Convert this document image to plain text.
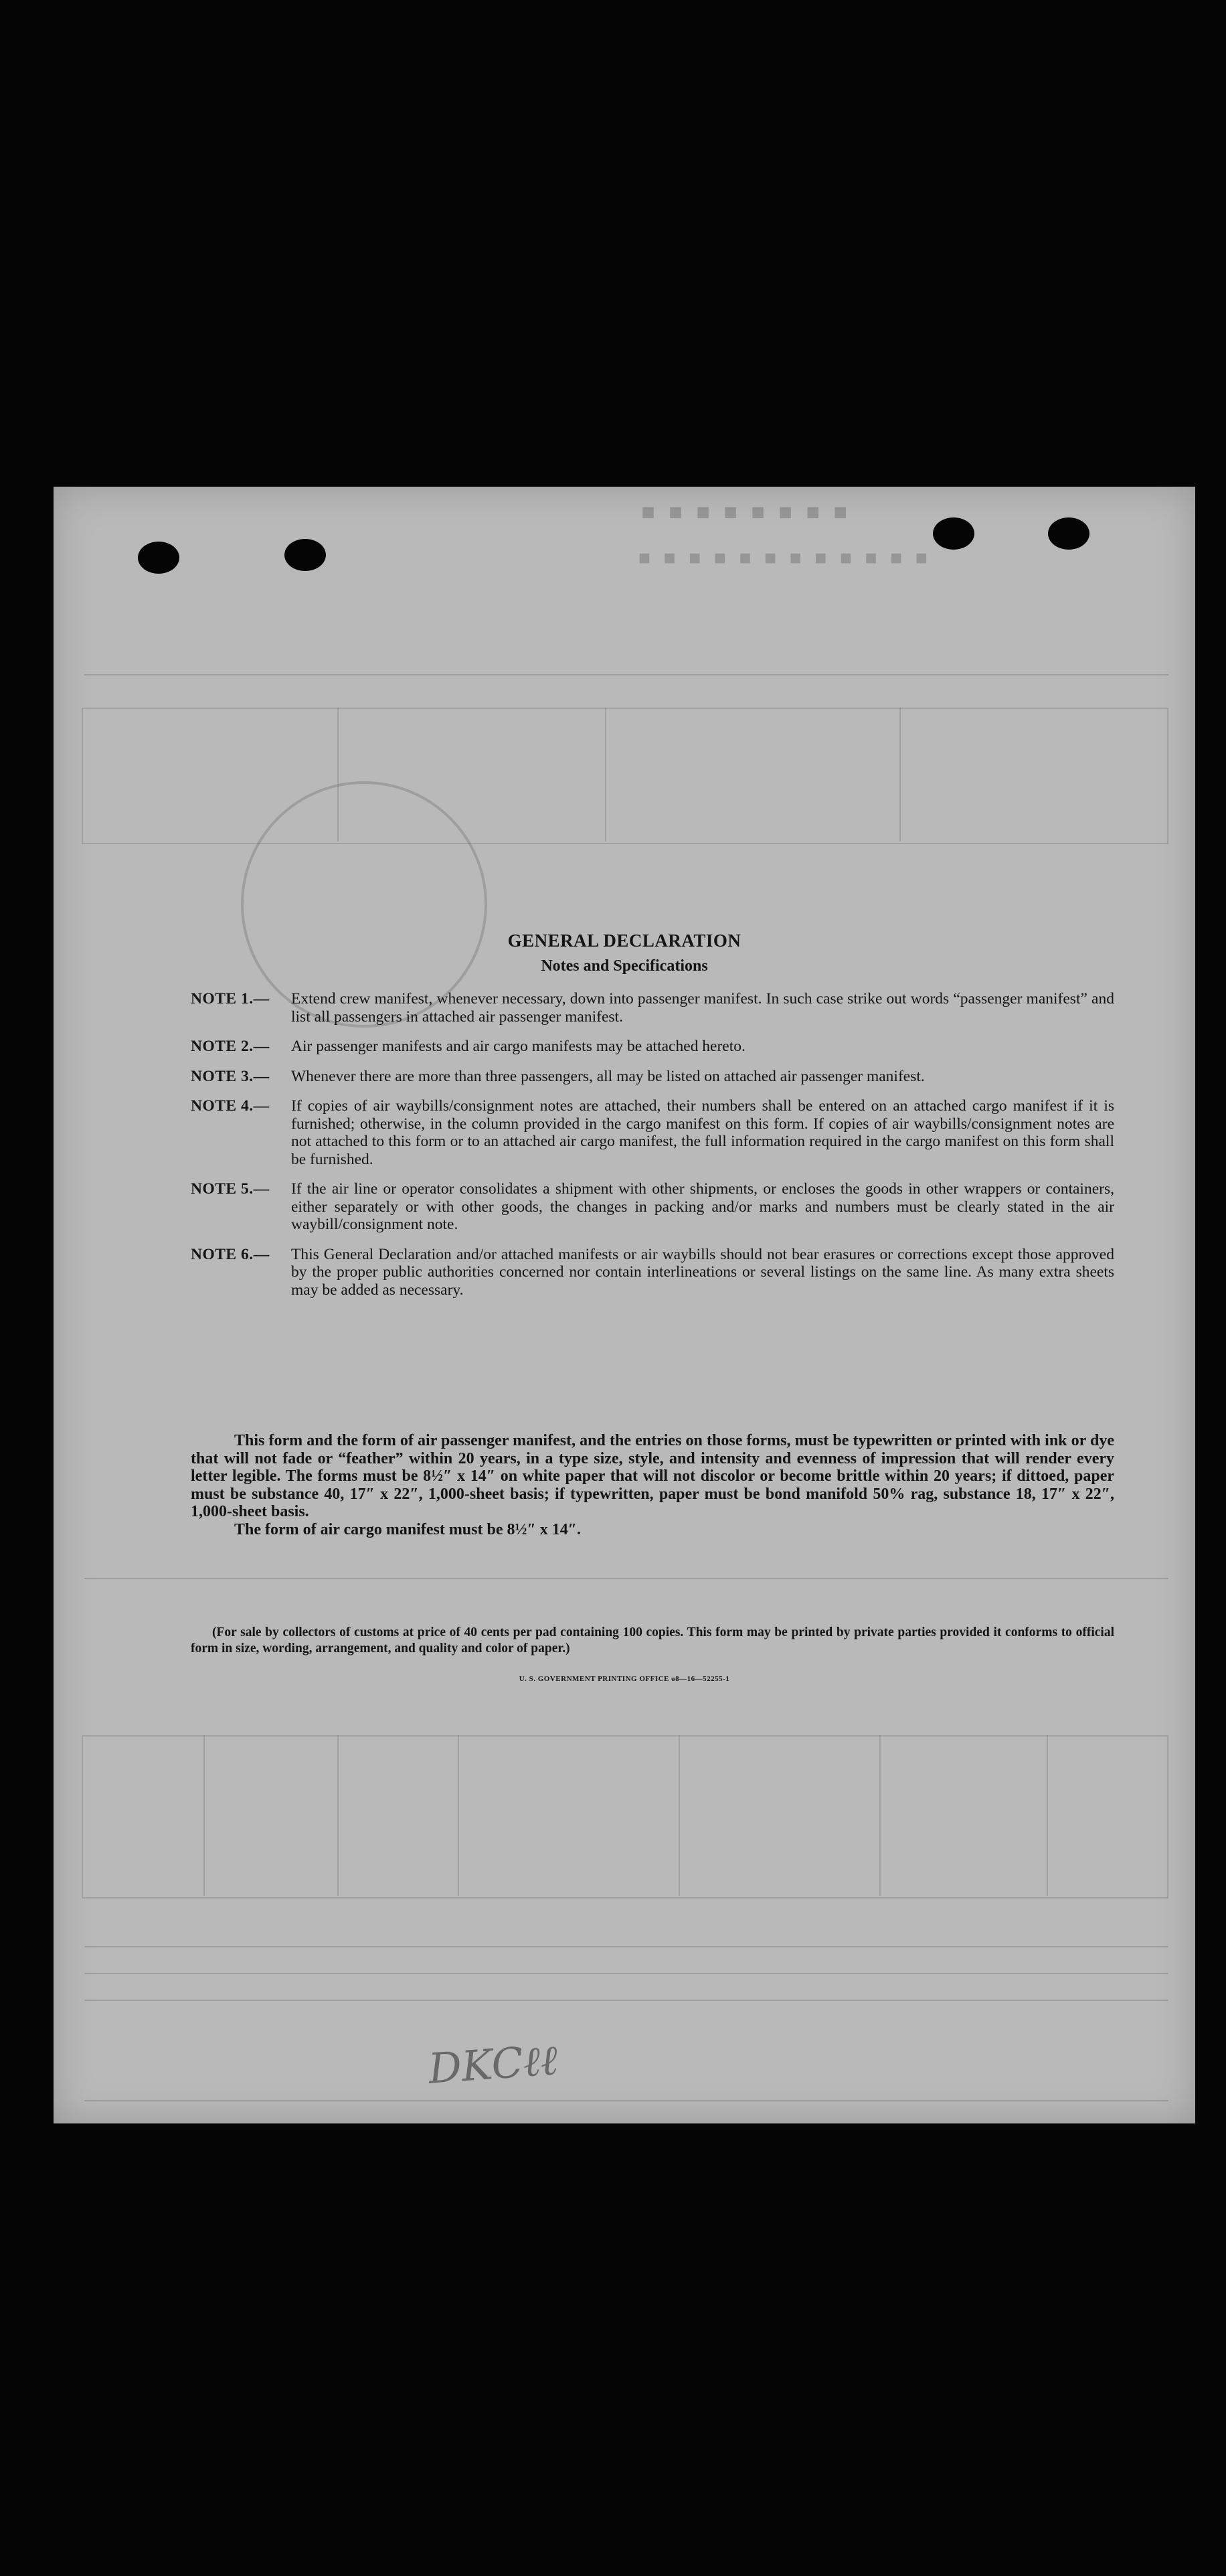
■ ■ ■ ■ ■ ■ ■ ■
■ ■ ■ ■ ■ ■ ■ ■ ■ ■ ■ ■
GENERAL DECLARATION
Notes and Specifications
NOTE 1.—	Extend crew manifest, whenever necessary, down into passenger manifest. In such case strike out words “passenger manifest” and list all passengers in attached air passenger manifest.
NOTE 2.—	Air passenger manifests and air cargo manifests may be attached hereto.
NOTE 3.—	Whenever there are more than three passengers, all may be listed on attached air passenger manifest.
NOTE 4.—	If copies of air waybills/consignment notes are attached, their numbers shall be entered on an attached cargo manifest if it is furnished; otherwise, in the column provided in the cargo manifest on this form. If copies of air waybills/consignment notes are not attached to this form or to an attached air cargo manifest, the full information required in the cargo manifest on this form shall be furnished.
NOTE 5.—	If the air line or operator consolidates a shipment with other shipments, or encloses the goods in other wrappers or containers, either separately or with other goods, the changes in packing and/or marks and numbers must be clearly stated in the air waybill/consignment note.
NOTE 6.—	This General Declaration and/or attached manifests or air waybills should not bear erasures or corrections except those approved by the proper public authorities concerned nor contain interlineations or several listings on the same line. As many extra sheets may be added as necessary.
This form and the form of air passenger manifest, and the entries on those forms, must be typewritten or printed with ink or dye that will not fade or “feather” within 20 years, in a type size, style, and intensity and evenness of impression that will render every letter legible. The forms must be 8½″ x 14″ on white paper that will not discolor or become brittle within 20 years; if dittoed, paper must be substance 40, 17″ x 22″, 1,000-sheet basis; if typewritten, paper must be bond manifold 50% rag, substance 18, 17″ x 22″, 1,000-sheet basis.
The form of air cargo manifest must be 8½″ x 14″.
(For sale by collectors of customs at price of 40 cents per pad containing 100 copies. This form may be printed by private parties provided it conforms to official form in size, wording, arrangement, and quality and color of paper.)
U. S. GOVERNMENT PRINTING OFFICE o8—16—52255-1
DKCℓℓ
